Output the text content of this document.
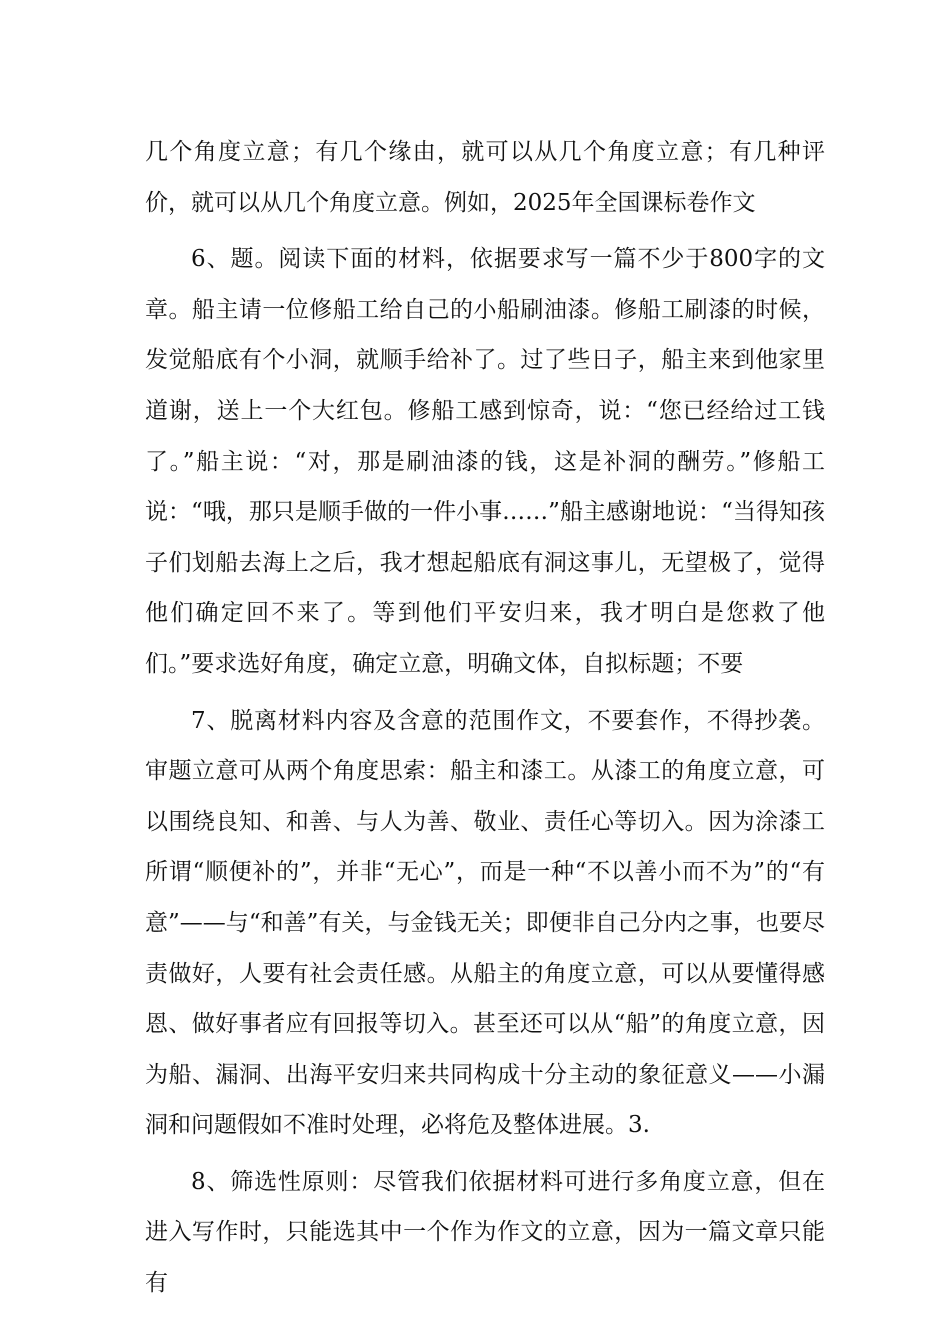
几个角度立意；有几个缘由，就可以从几个角度立意；有几种评价，就可以从几个角度立意。例如，2025年全国课标卷作文

6、题。阅读下面的材料，依据要求写一篇不少于800字的文章。船主请一位修船工给自己的小船刷油漆。修船工刷漆的时候，发觉船底有个小洞，就顺手给补了。过了些日子，船主来到他家里道谢，送上一个大红包。修船工感到惊奇，说：“您已经给过工钱了。”船主说：“对，那是刷油漆的钱，这是补洞的酬劳。”修船工说：“哦，那只是顺手做的一件小事……”船主感谢地说：“当得知孩子们划船去海上之后，我才想起船底有洞这事儿，无望极了，觉得他们确定回不来了。等到他们平安归来，我才明白是您救了他们。”要求选好角度，确定立意，明确文体，自拟标题；不要

7、脱离材料内容及含意的范围作文，不要套作，不得抄袭。审题立意可从两个角度思索：船主和漆工。从漆工的角度立意，可以围绕良知、和善、与人为善、敬业、责任心等切入。因为涂漆工所谓“顺便补的”，并非“无心”，而是一种“不以善小而不为”的“有意”——与“和善”有关，与金钱无关；即便非自己分内之事，也要尽责做好，人要有社会责任感。从船主的角度立意，可以从要懂得感恩、做好事者应有回报等切入。甚至还可以从“船”的角度立意，因为船、漏洞、出海平安归来共同构成十分主动的象征意义——小漏洞和问题假如不准时处理，必将危及整体进展。3.

8、筛选性原则：尽管我们依据材料可进行多角度立意，但在进入写作时，只能选其中一个作为作文的立意，因为一篇文章只能有
